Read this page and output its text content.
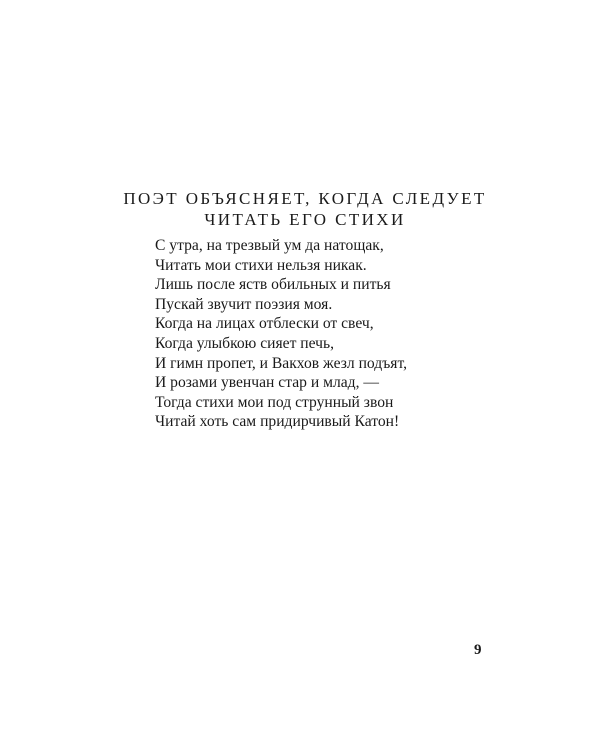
ПОЭТ ОБЪЯСНЯЕТ, КОГДА СЛЕДУЕТ
ЧИТАТЬ ЕГО СТИХИ
С утра, на трезвый ум да натощак,
Читать мои стихи нельзя никак.
Лишь после яств обильных и питья
Пускай звучит поэзия моя.
Когда на лицах отблески от свеч,
Когда улыбкою сияет печь,
И гимн пропет, и Вакхов жезл подъят,
И розами увенчан стар и млад, —
Тогда стихи мои под струнный звон
Читай хоть сам придирчивый Катон!
9
